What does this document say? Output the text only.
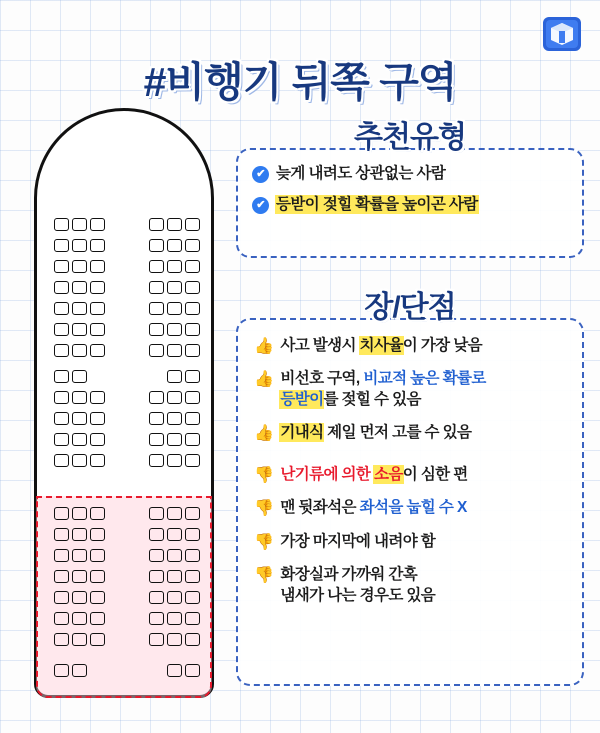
#비행기 뒤쪽 구역
추천유형
✔ 늦게 내려도 상관없는 사람
✔ 등받이 젖힐 확률을 높이곤 사람
장/단점
👍 사고 발생시 치사율이 가장 낮음
👍 비선호 구역, 비교적 높은 확률로
등받이를 젖힐 수 있음
👍 기내식 제일 먼저 고를 수 있음
👎 난기류에 의한 소음이 심한 편
👎 맨 뒷좌석은 좌석을 눕힐 수 X
👎 가장 마지막에 내려야 함
👎 화장실과 가까워 간혹
냄새가 나는 경우도 있음
